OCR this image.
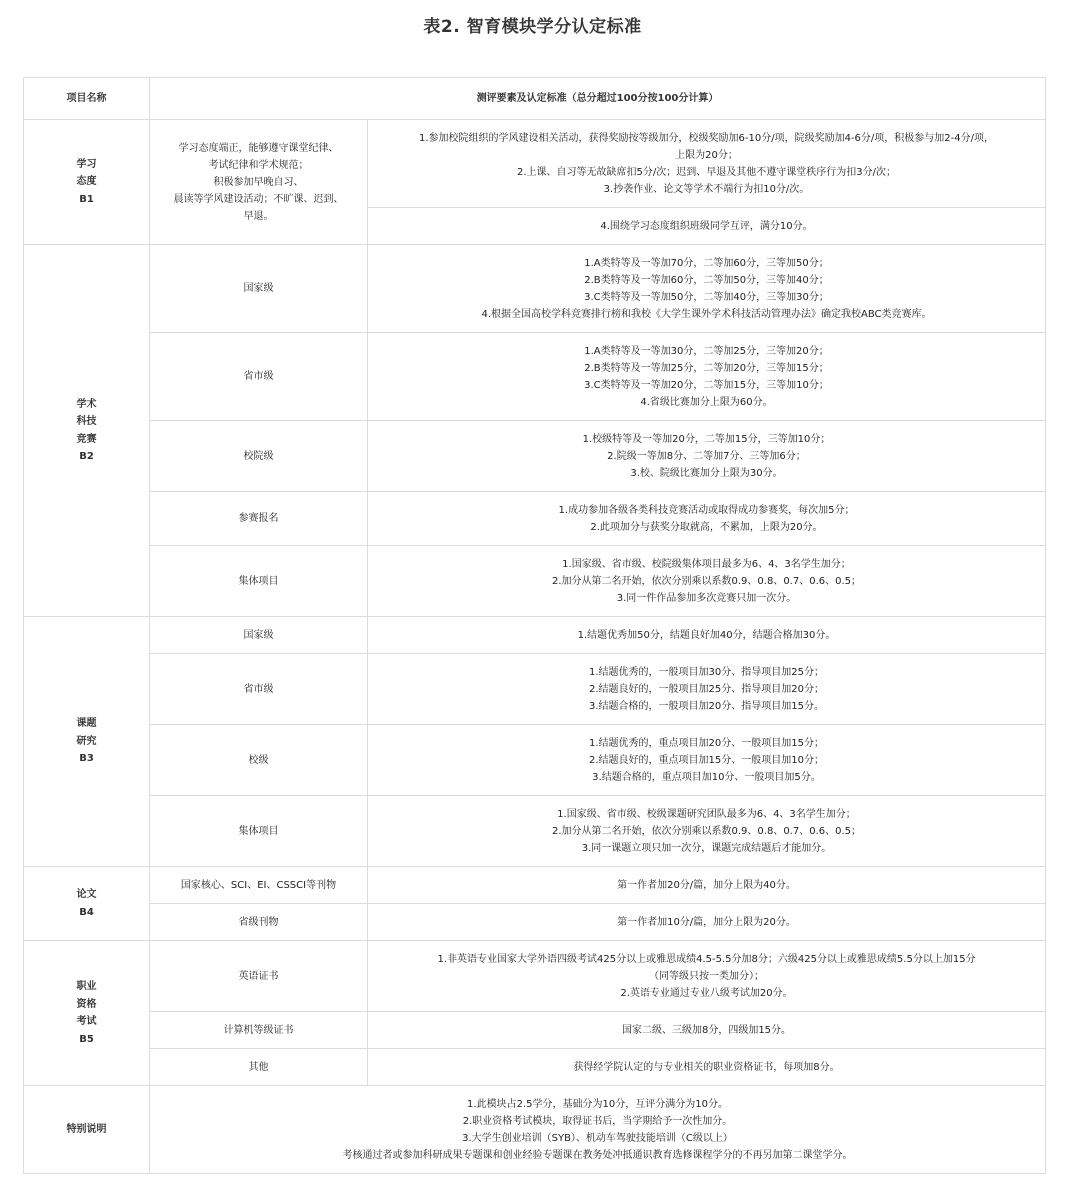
表2. 智育模块学分认定标准
项目名称	测评要素及认定标准（总分超过100分按100分计算）	

学习
态度
B1	学习态度端正，能够遵守课堂纪律、
考试纪律和学术规范；
积极参加早晚自习、
晨读等学风建设活动；不旷课、迟到、
早退。	1.参加校院组织的学风建设相关活动，获得奖励按等级加分，校级奖励加6-10分/项，院级奖励加4-6分/项，积极参与加2-4分/项，
上限为20分；
2.上课、自习等无故缺席扣5分/次；迟到、早退及其他不遵守课堂秩序行为扣3分/次；
3.抄袭作业、论文等学术不端行为扣10分/次。

		4.围绕学习态度组织班级同学互评，满分10分。

学术
科技
竞赛
B2	国家级	1.A类特等及一等加70分，二等加60分，三等加50分；
2.B类特等及一等加60分，二等加50分，三等加40分；
3.C类特等及一等加50分，二等加40分，三等加30分；
4.根据全国高校学科竞赛排行榜和我校《大学生课外学术科技活动管理办法》确定我校ABC类竞赛库。

	省市级	1.A类特等及一等加30分，二等加25分，三等加20分；
2.B类特等及一等加25分，二等加20分，三等加15分；
3.C类特等及一等加20分，二等加15分，三等加10分；
4.省级比赛加分上限为60分。

	校院级	1.校级特等及一等加20分，二等加15分，三等加10分；
2.院级一等加8分、二等加7分、三等加6分；
3.校、院级比赛加分上限为30分。

	参赛报名	1.成功参加各级各类科技竞赛活动或取得成功参赛奖，每次加5分；
2.此项加分与获奖分取就高，不累加，上限为20分。

	集体项目	1.国家级、省市级、校院级集体项目最多为6、4、3名学生加分；
2.加分从第二名开始，依次分别乘以系数0.9、0.8、0.7、0.6、0.5；
3.同一件作品参加多次竞赛只加一次分。

课题
研究
B3	国家级	1.结题优秀加50分，结题良好加40分，结题合格加30分。

	省市级	1.结题优秀的，一般项目加30分、指导项目加25分；
2.结题良好的，一般项目加25分、指导项目加20分；
3.结题合格的，一般项目加20分、指导项目加15分。

	校级	1.结题优秀的，重点项目加20分、一般项目加15分；
2.结题良好的，重点项目加15分、一般项目加10分；
3.结题合格的，重点项目加10分、一般项目加5分。

	集体项目	1.国家级、省市级、校级课题研究团队最多为6、4、3名学生加分；
2.加分从第二名开始，依次分别乘以系数0.9、0.8、0.7、0.6、0.5；
3.同一课题立项只加一次分，课题完成结题后才能加分。

论文
B4	国家核心、SCI、EI、CSSCI等刊物	第一作者加20分/篇，加分上限为40分。

	省级刊物	第一作者加10分/篇，加分上限为20分。

职业
资格
考试
B5	英语证书	1.非英语专业国家大学外语四级考试425分以上或雅思成绩4.5-5.5分加8分；六级425分以上或雅思成绩5.5分以上加15分
（同等级只按一类加分）；
2.英语专业通过专业八级考试加20分。

	计算机等级证书	国家二级、三级加8分，四级加15分。

	其他	获得经学院认定的与专业相关的职业资格证书，每项加8分。

特别说明	1.此模块占2.5学分，基础分为10分，互评分满分为10分。
2.职业资格考试模块，取得证书后，当学期给予一次性加分。
3.大学生创业培训（SYB）、机动车驾驶技能培训（C级以上）
考核通过者或参加科研成果专题课和创业经验专题课在教务处冲抵通识教育选修课程学分的不再另加第二课堂学分。	
